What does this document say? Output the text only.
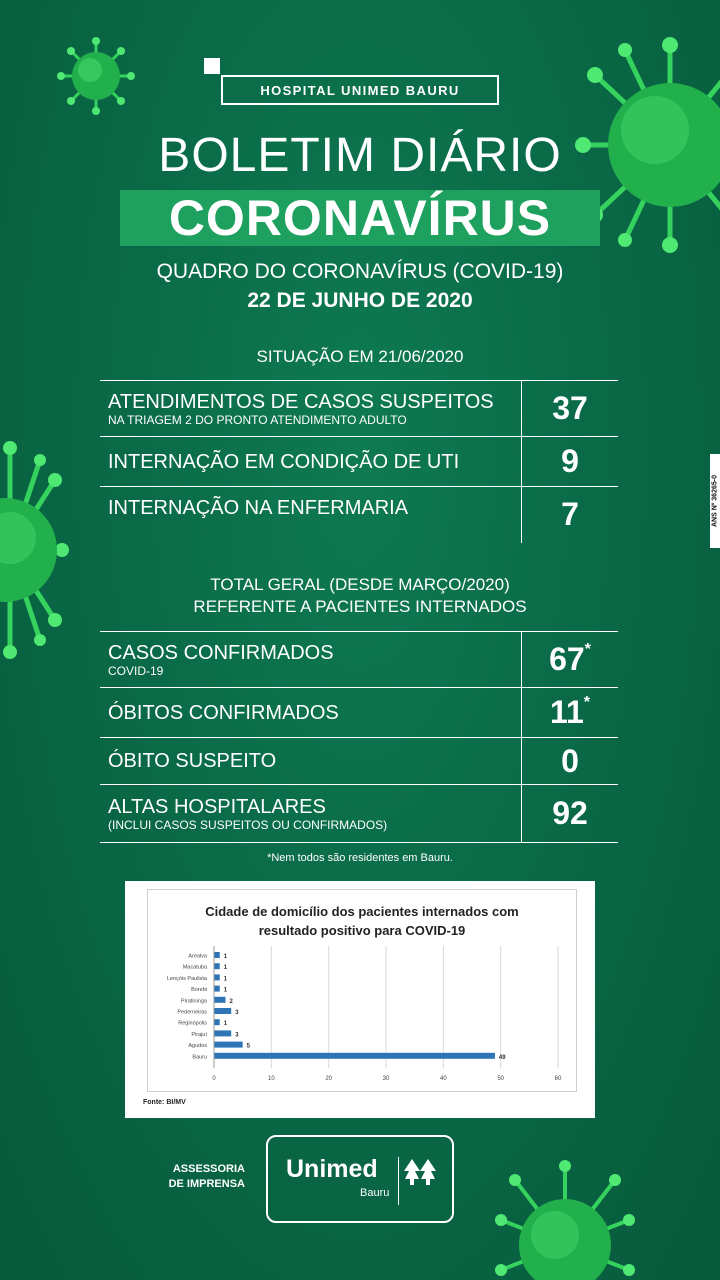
HOSPITAL UNIMED BAURU
BOLETIM DIÁRIO
CORONAVÍRUS
QUADRO DO CORONAVÍRUS (COVID-19)
22 DE JUNHO DE 2020
SITUAÇÃO EM 21/06/2020
ATENDIMENTOS DE CASOS SUSPEITOS
NA TRIAGEM 2 DO PRONTO ATENDIMENTO ADULTO	37

INTERNAÇÃO EM CONDIÇÃO DE UTI	9

INTERNAÇÃO NA ENFERMARIA	7
TOTAL GERAL (DESDE MARÇO/2020)
REFERENTE A PACIENTES INTERNADOS
CASOS CONFIRMADOS
COVID-19	67*

ÓBITOS CONFIRMADOS	11*

ÓBITO SUSPEITO	0

ALTAS HOSPITALARES
(INCLUI CASOS SUSPEITOS OU CONFIRMADOS)	92
*Nem todos são residentes em Bauru.
Cidade de domicílio dos pacientes internados com resultado positivo para COVID-19
0	10	20	30	40	50	60
Arealva	1
Macatuba	1
Lençóis Paulista	1
Borebi	1
Piratininga	2
Pederneiras	3
Reginópolis	1
Pirajuí	3
Agudos	5
Bauru	49
Fonte: BI/MV
ASSESSORIA
DE IMPRENSA
Unimed
Bauru
ANS Nº 36265-0
